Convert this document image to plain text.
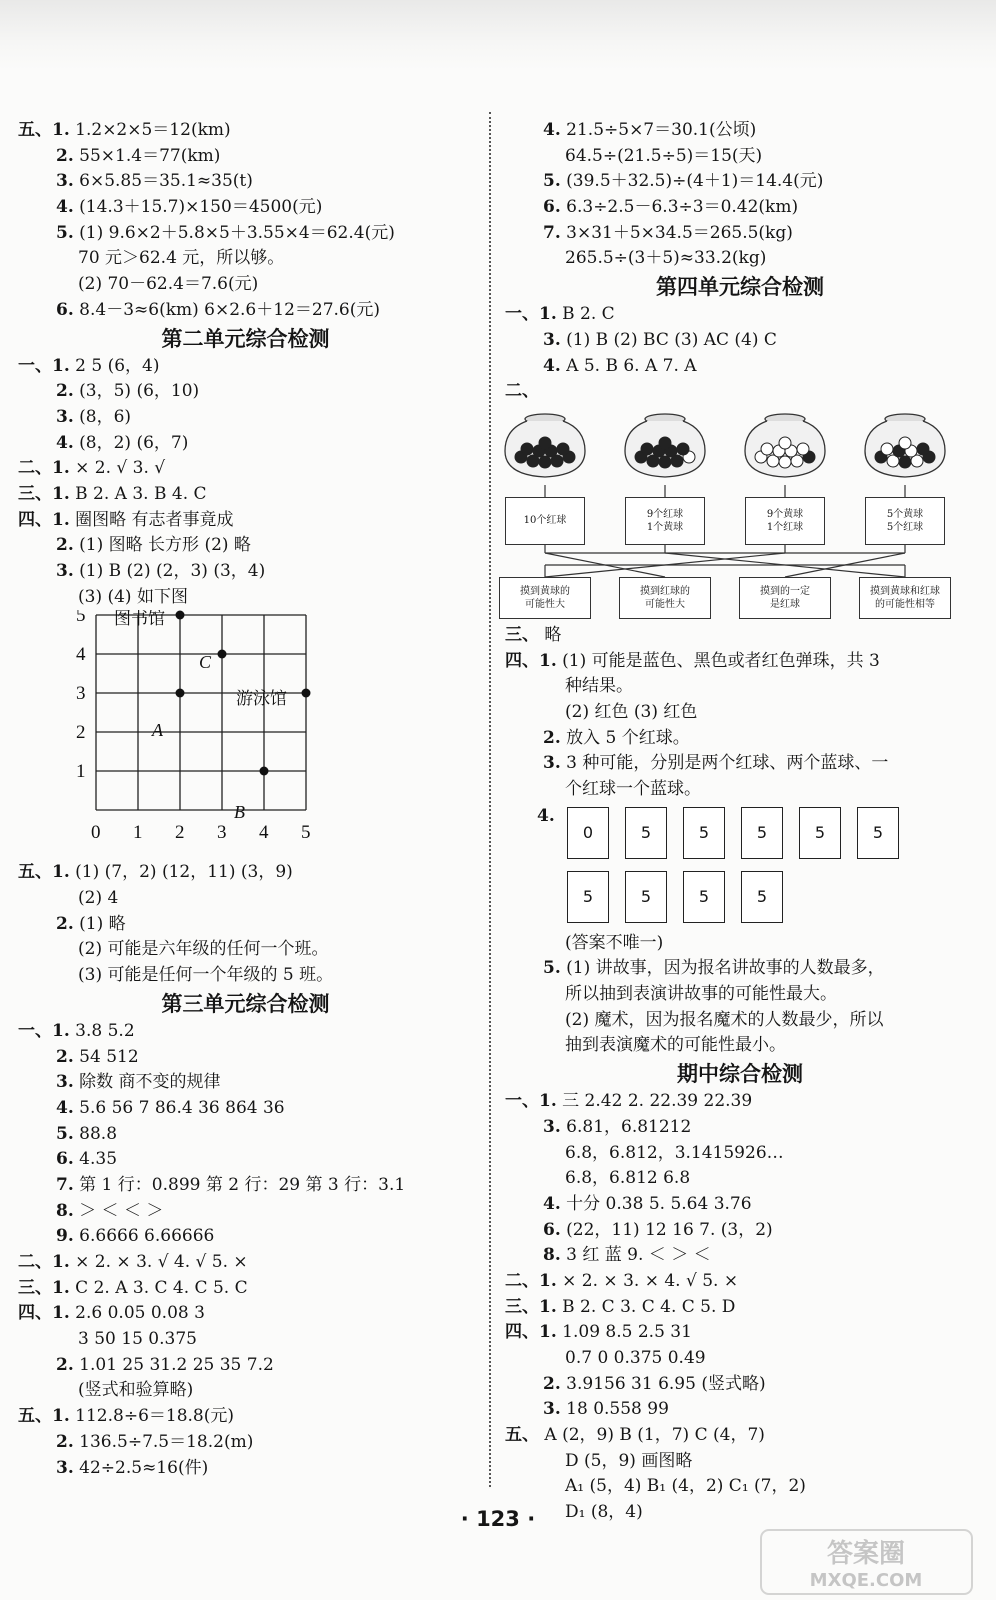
五、1. 1.2×2×5＝12(km)
2. 55×1.4＝77(km)
3. 6×5.85＝35.1≈35(t)
4. (14.3＋15.7)×150＝4500(元)
5. (1) 9.6×2＋5.8×5＋3.55×4＝62.4(元)
70 元＞62.4 元，所以够。
(2) 70－62.4＝7.6(元)
6. 8.4－3≈6(km) 6×2.6＋12＝27.6(元)
第二单元综合检测
一、1. 2 5 (6，4)
2. (3，5) (6，10)
3. (8，6)
4. (8，2) (6，7)
二、1. × 2. √ 3. √
三、1. B 2. A 3. B 4. C
四、1. 圈图略 有志者事竟成
2. (1) 图略 长方形 (2) 略
3. (1) B (2) (2，3) (3，4)
(3) (4) 如下图
0 1 2 3 4 5
1
2
3
4
5 图书馆
游泳馆
A
B
C
五、1. (1) (7，2) (12，11) (3，9)
(2) 4
2. (1) 略
(2) 可能是六年级的任何一个班。
(3) 可能是任何一个年级的 5 班。
第三单元综合检测
一、1. 3.8 5.2
2. 54 512
3. 除数 商不变的规律
4. 5.6 56 7 86.4 36 864 36
5. 88.8
6. 4.35
7. 第 1 行：0.899 第 2 行：29 第 3 行：3.1
8. ＞ ＜ ＜ ＞
9. 6.6666 6.66666
二、1. × 2. × 3. √ 4. √ 5. ×
三、1. C 2. A 3. C 4. C 5. C
四、1. 2.6 0.05 0.08 3
3 50 15 0.375
2. 1.01 25 31.2 25 35 7.2
(竖式和验算略)
五、1. 112.8÷6＝18.8(元)
2. 136.5÷7.5＝18.2(m)
3. 42÷2.5≈16(件)
4. 21.5÷5×7＝30.1(公顷)
64.5÷(21.5÷5)＝15(天)
5. (39.5＋32.5)÷(4＋1)＝14.4(元)
6. 6.3÷2.5－6.3÷3＝0.42(km)
7. 3×31＋5×34.5＝265.5(kg)
265.5÷(3＋5)≈33.2(kg)
第四单元综合检测
一、1. B 2. C
3. (1) B (2) BC (3) AC (4) C
4. A 5. B 6. A 7. A
二、
10个红球
9个红球
1个黄球
9个黄球
1个红球
5个黄球
5个红球
摸到黄球的
可能性大
摸到红球的
可能性大
摸到的一定
是红球
摸到黄球和红球
的可能性相等
三、 略
四、1. (1) 可能是蓝色、黑色或者红色弹珠，共 3
种结果。
(2) 红色 (3) 红色
2. 放入 5 个红球。
3. 3 种可能，分别是两个红球、两个蓝球、一
个红球一个蓝球。
4.
0	5	5	5	5	5
5	5	5	5
(答案不唯一)
5. (1) 讲故事，因为报名讲故事的人数最多，
所以抽到表演讲故事的可能性最大。
(2) 魔术，因为报名魔术的人数最少，所以
抽到表演魔术的可能性最小。
期中综合检测
一、1. 三 2.42 2. 22.39 22.39
3. 6.81，6.81212
6.8，6.812，3.1415926…
6.8，6.812 6.8
4. 十分 0.38 5. 5.64 3.76
6. (22，11) 12 16 7. (3，2)
8. 3 红 蓝 9. ＜ ＞ ＜
二、1. × 2. × 3. × 4. √ 5. ×
三、1. B 2. C 3. C 4. C 5. D
四、1. 1.09 8.5 2.5 31
0.7 0 0.375 0.49
2. 3.9156 31 6.95 (竖式略)
3. 18 0.558 99
五、 A (2，9) B (1，7) C (4，7)
D (5，9) 画图略
A₁ (5，4) B₁ (4，2) C₁ (7，2)
D₁ (8，4)
· 123 ·
答案圈
MXQE.COM
